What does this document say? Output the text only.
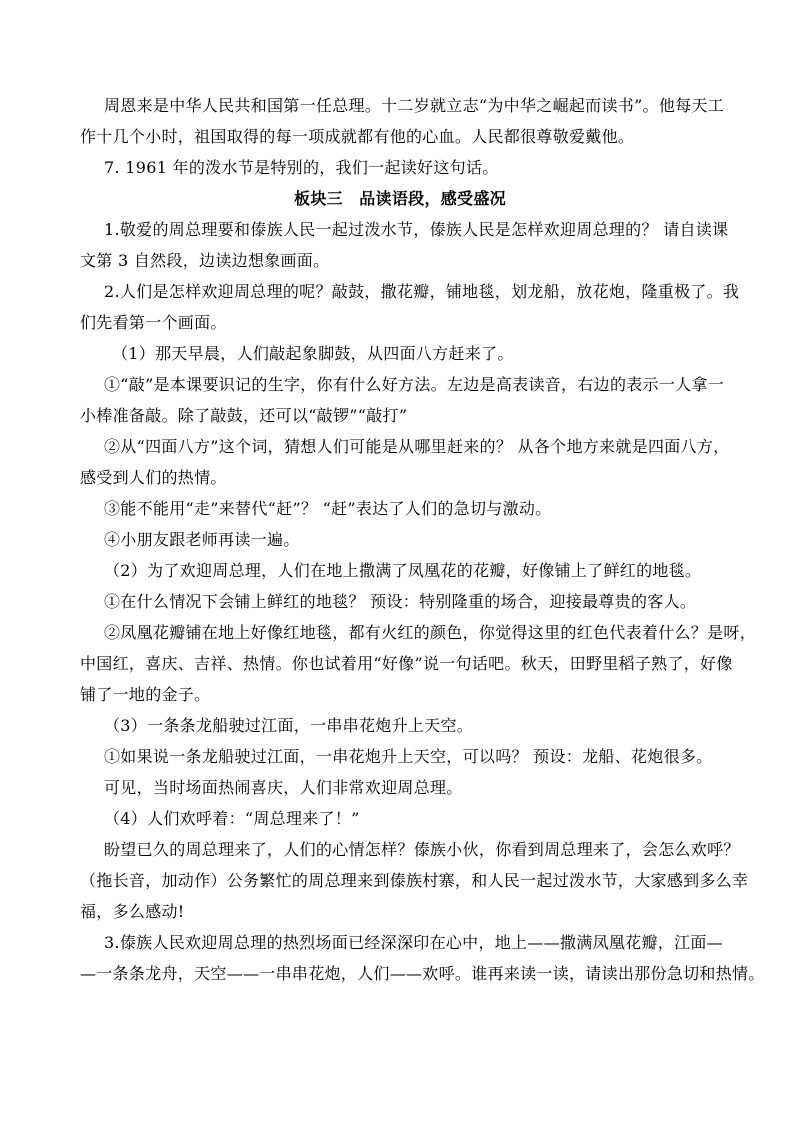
周恩来是中华人民共和国第一任总理。十二岁就立志“为中华之崛起而读书”。他每天工
作十几个小时，祖国取得的每一项成就都有他的心血。人民都很尊敬爱戴他。
7. 1961 年的泼水节是特别的，我们一起读好这句话。
板块三　品读语段，感受盛况
1.敬爱的周总理要和傣族人民一起过泼水节，傣族人民是怎样欢迎周总理的？ 请自读课
文第 3 自然段，边读边想象画面。
2.人们是怎样欢迎周总理的呢？敲鼓，撒花瓣，铺地毯，划龙船，放花炮，隆重极了。我
们先看第一个画面。
（1）那天早晨，人们敲起象脚鼓，从四面八方赶来了。
①“敲”是本课要识记的生字，你有什么好方法。左边是高表读音，右边的表示一人拿一
小棒准备敲。除了敲鼓，还可以“敲锣”“敲打”
②从“四面八方”这个词，猜想人们可能是从哪里赶来的？ 从各个地方来就是四面八方，
感受到人们的热情。
③能不能用“走”来替代“赶”？ “赶”表达了人们的急切与激动。
④小朋友跟老师再读一遍。
（2）为了欢迎周总理，人们在地上撒满了凤凰花的花瓣，好像铺上了鲜红的地毯。
①在什么情况下会铺上鲜红的地毯？ 预设：特别隆重的场合，迎接最尊贵的客人。
②凤凰花瓣铺在地上好像红地毯，都有火红的颜色，你觉得这里的红色代表着什么？是呀，
中国红，喜庆、吉祥、热情。你也试着用“好像”说一句话吧。秋天，田野里稻子熟了，好像
铺了一地的金子。
（3）一条条龙船驶过江面，一串串花炮升上天空。
①如果说一条龙船驶过江面，一串花炮升上天空，可以吗？ 预设：龙船、花炮很多。
可见，当时场面热闹喜庆，人们非常欢迎周总理。
（4）人们欢呼着：“周总理来了！”
盼望已久的周总理来了，人们的心情怎样？傣族小伙，你看到周总理来了，会怎么欢呼？
（拖长音，加动作）公务繁忙的周总理来到傣族村寨，和人民一起过泼水节，大家感到多么幸
福，多么感动!
3.傣族人民欢迎周总理的热烈场面已经深深印在心中，地上——撒满凤凰花瓣，江面—
—一条条龙舟，天空——一串串花炮，人们——欢呼。谁再来读一读，请读出那份急切和热情。
